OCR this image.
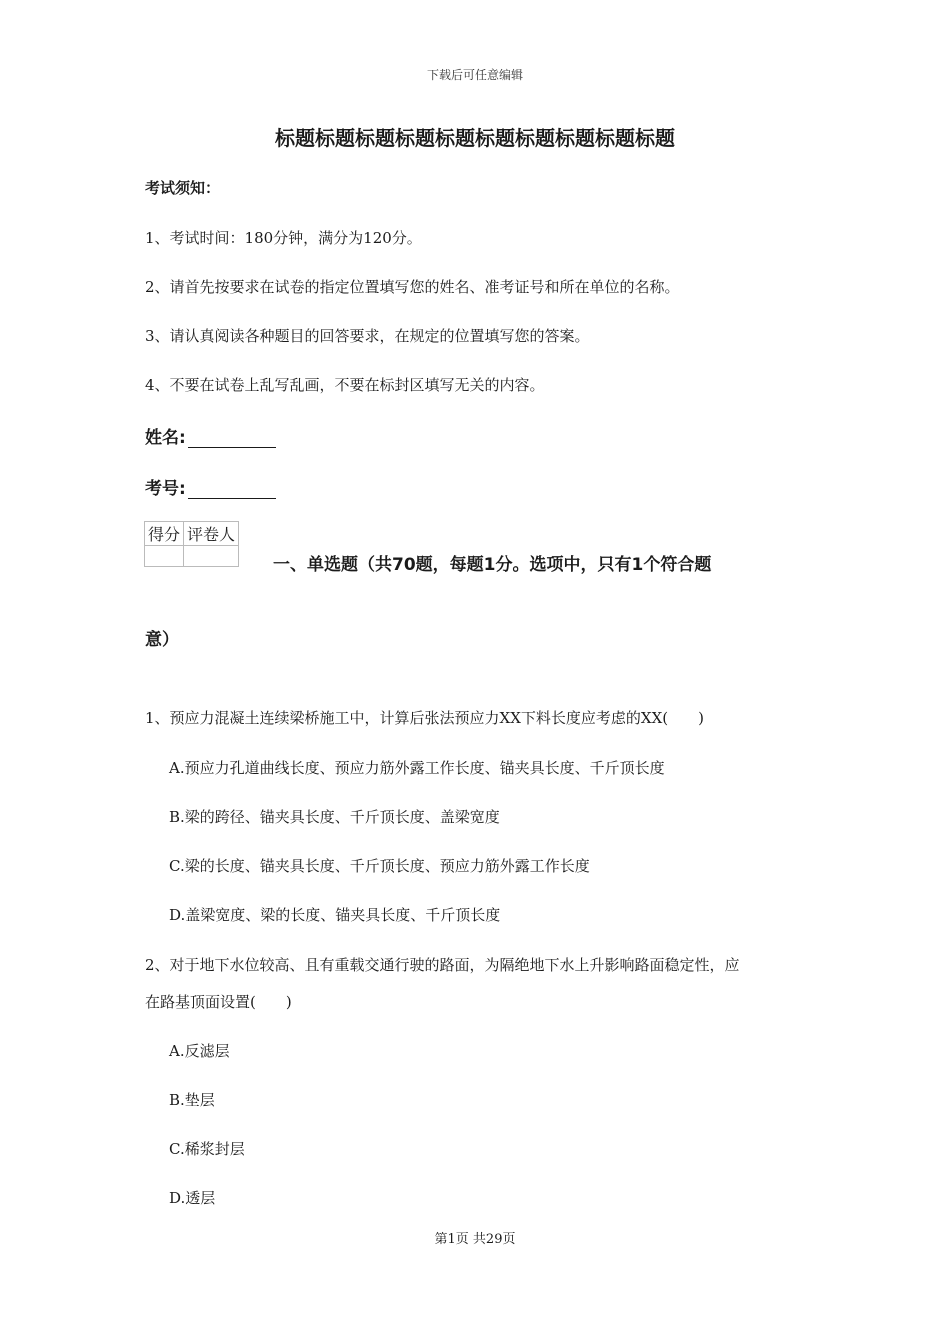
下载后可任意编辑
标题标题标题标题标题标题标题标题标题标题
考试须知：
1、考试时间：180分钟，满分为120分。
2、请首先按要求在试卷的指定位置填写您的姓名、准考证号和所在单位的名称。
3、请认真阅读各种题目的回答要求，在规定的位置填写您的答案。
4、不要在试卷上乱写乱画，不要在标封区填写无关的内容。
姓名:
考号:
得分	评卷人

一、单选题（共70题，每题1分。选项中，只有1个符合题
意）
1、预应力混凝土连续梁桥施工中，计算后张法预应力XX下料长度应考虑的XX(　　)
A.预应力孔道曲线长度、预应力筋外露工作长度、锚夹具长度、千斤顶长度
B.梁的跨径、锚夹具长度、千斤顶长度、盖梁宽度
C.梁的长度、锚夹具长度、千斤顶长度、预应力筋外露工作长度
D.盖梁宽度、梁的长度、锚夹具长度、千斤顶长度
2、对于地下水位较高、且有重载交通行驶的路面，为隔绝地下水上升影响路面稳定性，应
在路基顶面设置(　　)
A.反滤层
B.垫层
C.稀浆封层
D.透层
第1页 共29页
